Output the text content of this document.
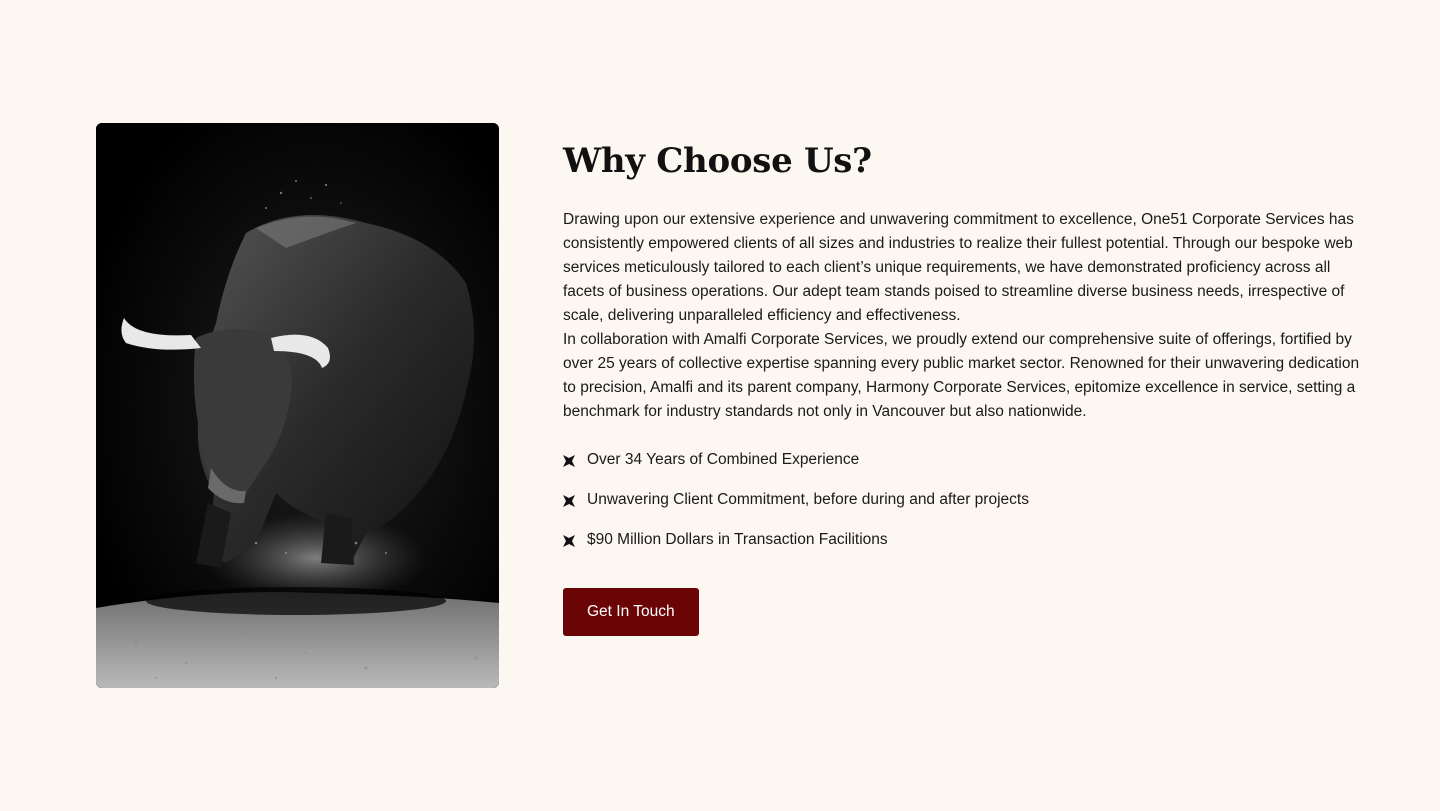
Why Choose Us?

Drawing upon our extensive experience and unwavering commitment to excellence, One51 Corporate Services has consistently empowered clients of all sizes and industries to realize their fullest potential. Through our bespoke web services meticulously tailored to each client’s unique requirements, we have demonstrated proficiency across all facets of business operations. Our adept team stands poised to streamline diverse business needs, irrespective of scale, delivering unparalleled efficiency and effectiveness.

In collaboration with Amalfi Corporate Services, we proudly extend our comprehensive suite of offerings, fortified by over 25 years of collective expertise spanning every public market sector. Renowned for their unwavering dedication to precision, Amalfi and its parent company, Harmony Corporate Services, epitomize excellence in service, setting a benchmark for industry standards not only in Vancouver but also nationwide.

Over 34 Years of Combined Experience
Unwavering Client Commitment, before during and after projects
$90 Million Dollars in Transaction Facilitions
Get In Touch
